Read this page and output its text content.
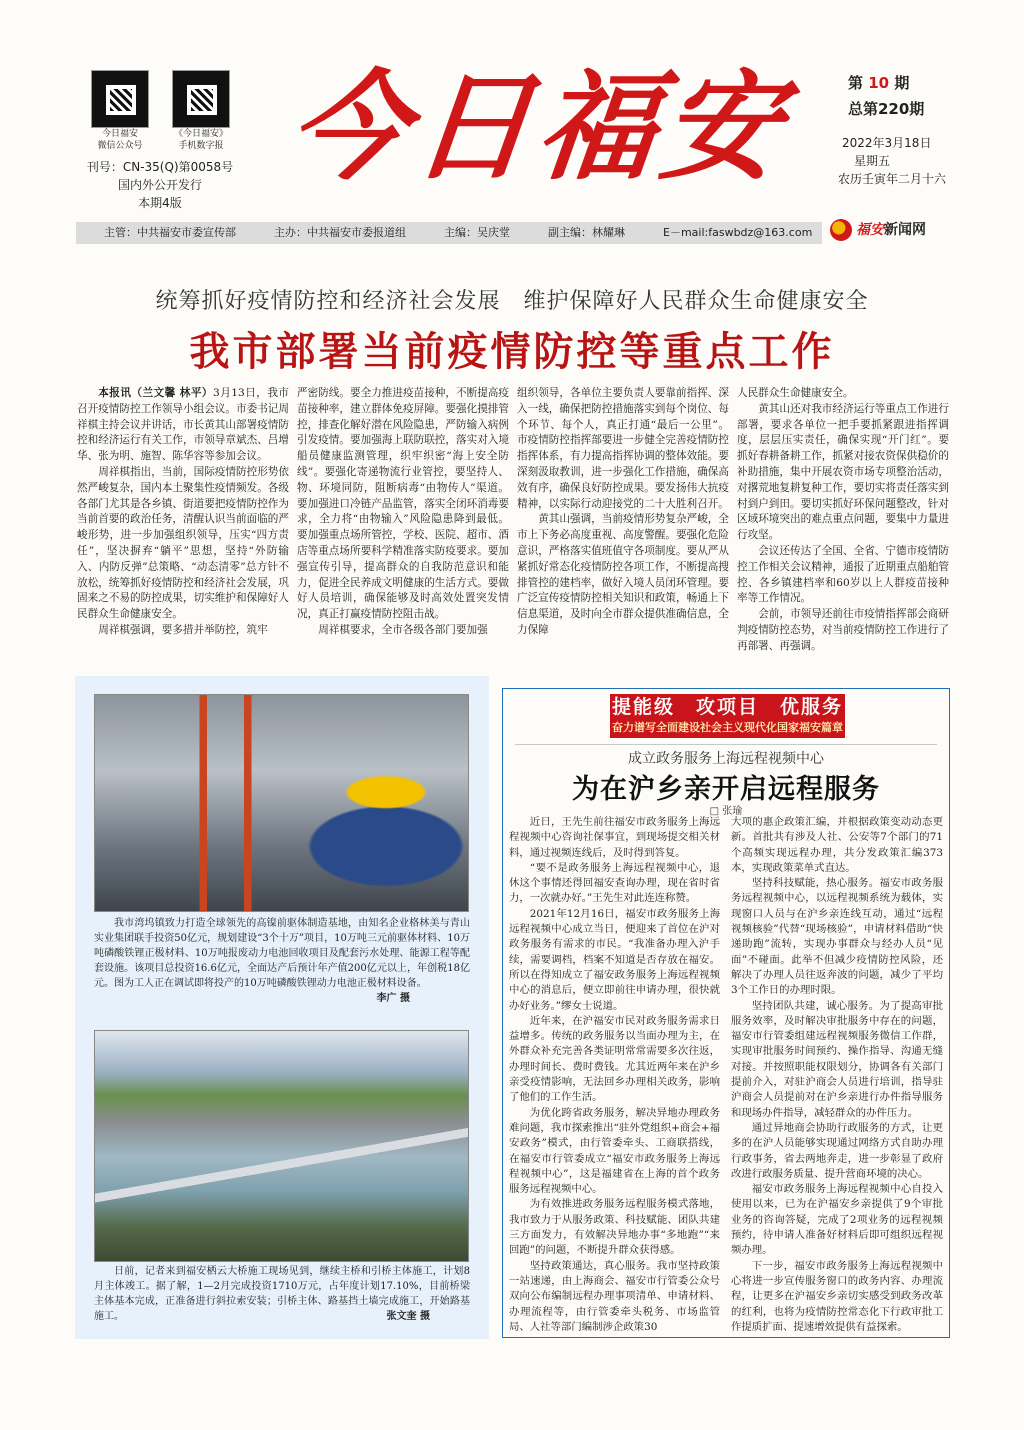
今日福安
微信公众号
《今日福安》
手机数字报
刊号：CN-35(Q)第0058号
国内外公开发行
本期4版
今日福安	第 10 期
总第220期
2022年3月18日
星期五
农历壬寅年二月十六
主管：中共福安市委宣传部	主办：中共福安市委报道组	主编：吴庆堂	副主编：林耀琳	E－mail:faswbdz@163.com	福安新闻网
统筹抓好疫情防控和经济社会发展　维护保障好人民群众生命健康安全
我市部署当前疫情防控等重点工作

本报讯（兰文馨 林平）3月13日，我市召开疫情防控工作领导小组会议。市委书记周祥棋主持会议并讲话，市长黄其山部署疫情防控和经济运行有关工作，市领导章斌杰、吕增华、张为明、施智、陈华容等参加会议。

周祥棋指出，当前，国际疫情防控形势依然严峻复杂，国内本土聚集性疫情频发。各级各部门尤其是各乡镇、街道要把疫情防控作为当前首要的政治任务，清醒认识当前面临的严峻形势，进一步加强组织领导，压实“四方责任”，坚决摒弃“躺平”思想，坚持“外防输入、内防反弹”总策略、“动态清零”总方针不放松，统筹抓好疫情防控和经济社会发展，巩固来之不易的防控成果，切实维护和保障好人民群众生命健康安全。

周祥棋强调，要多措并举防控，筑牢

严密防线。要全力推进疫苗接种，不断提高疫苗接种率，建立群体免疫屏障。要强化摸排管控，排查化解好潜在风险隐患，严防输入病例引发疫情。要加强海上联防联控，落实对入境船员健康监测管理，织牢织密“海上安全防线”。要强化寄递物流行业管控，要坚持人、物、环境同防，阻断病毒“由物传人”渠道。要加强进口冷链产品监管，落实全闭环消毒要求，全力将“由物输入”风险隐患降到最低。要加强重点场所管控，学校、医院、超市、酒店等重点场所要科学精准落实防疫要求。要加强宣传引导，提高群众的自我防范意识和能力，促进全民养成文明健康的生活方式。要做好人员培训，确保能够及时高效处置突发情况，真正打赢疫情防控阻击战。

周祥棋要求，全市各级各部门要加强

组织领导，各单位主要负责人要靠前指挥、深入一线，确保把防控措施落实到每个岗位、每个环节、每个人，真正打通“最后一公里”。市疫情防控指挥部要进一步健全完善疫情防控指挥体系，有力提高指挥协调的整体效能。要深刻汲取教训，进一步强化工作措施，确保高效有序，确保良好防控成果。要发扬伟大抗疫精神，以实际行动迎接党的二十大胜利召开。

黄其山强调，当前疫情形势复杂严峻，全市上下务必高度重视、高度警醒。要强化危险意识，严格落实值班值守各项制度。要从严从紧抓好常态化疫情防控各项工作，不断提高搜排管控的建档率，做好入境人员闭环管理。要广泛宣传疫情防控相关知识和政策，畅通上下信息渠道，及时向全市群众提供准确信息，全力保障

人民群众生命健康安全。

黄其山还对我市经济运行等重点工作进行部署，要求各单位一把手要抓紧跟进指挥调度，层层压实责任，确保实现“开门红”。要抓好春耕备耕工作，抓紧对接农资保供稳价的补助措施，集中开展农资市场专项整治活动，对撂荒地复耕复种工作，要切实将责任落实到村到户到田。要切实抓好环保问题整改，针对区域环境突出的难点重点问题，要集中力量进行攻坚。

会议还传达了全国、全省、宁德市疫情防控工作相关会议精神，通报了近期重点船舶管控、各乡镇建档率和60岁以上人群疫苗接种率等工作情况。

会前，市领导还前往市疫情指挥部会商研判疫情防控态势，对当前疫情防控工作进行了再部署、再强调。

我市湾坞镇致力打造全球领先的高镍前驱体制造基地，由知名企业格林美与青山实业集团联手投资50亿元，规划建设“3个十万”项目，10万吨三元前驱体材料、10万吨磷酸铁锂正极材料、10万吨报废动力电池回收项目及配套污水处理、能源工程等配套设施。该项目总投资16.6亿元，全面达产后预计年产值200亿元以上，年创税18亿元。图为工人正在调试即将投产的10万吨磷酸铁锂动力电池正极材料设备。

李广 摄

日前，记者来到福安栖云大桥施工现场见到，继续主桥和引桥主体施工，计划8月主体竣工。据了解，1—2月完成投资1710万元，占年度计划17.10%，目前桥梁主体基本完成，正准备进行斜拉索安装；引桥主体、路基挡土墙完成施工，开始路基施工。	张文奎 摄
提能级　攻项目　优服务
奋力谱写全面建设社会主义现代化国家福安篇章
成立政务服务上海远程视频中心
为在沪乡亲开启远程服务
□ 张瑜

近日，王先生前往福安市政务服务上海远程视频中心咨询社保事宜，到现场提交相关材料，通过视频连线后，及时得到答复。

“要不是政务服务上海远程视频中心，退休这个事情还得回福安查询办理，现在省时省力，一次就办好。”王先生对此连连称赞。

2021年12月16日，福安市政务服务上海远程视频中心成立当日，便迎来了首位在沪对政务服务有需求的市民。“我准备办理入沪手续，需要调档，档案不知道是否存放在福安。所以在得知成立了福安政务服务上海远程视频中心的消息后，便立即前往申请办理，很快就办好业务。”缪女士说道。

近年来，在沪福安市民对政务服务需求日益增多。传统的政务服务以当面办理为主，在外群众补充完善各类证明常常需要多次往返，办理时间长、费时费钱。尤其近两年来在沪乡亲受疫情影响，无法回乡办理相关政务，影响了他们的工作生活。

为优化跨省政务服务，解决异地办理政务难问题，我市探索推出“驻外党组织+商会+福安政务”模式，由行管委牵头、工商联搭线，在福安市行管委成立“福安市政务服务上海远程视频中心”，这是福建省在上海的首个政务服务远程视频中心。

为有效推进政务服务远程服务模式落地，我市致力于从服务政策、科技赋能、团队共建三方面发力，有效解决异地办事“多地跑”“来回跑”的问题，不断提升群众获得感。

坚持政策通达，真心服务。我市坚持政策一站速递，由上海商会、福安市行管委公众号双向公布编制远程办理事项清单、申请材料、办理流程等，由行管委牵头税务、市场监管局、人社等部门编制涉企政策30

大项的惠企政策汇编，并根据政策变动动态更新。首批共有涉及人社、公安等7个部门的71个高频实现远程办理，共分发政策汇编373本，实现政策菜单式直达。

坚持科技赋能，热心服务。福安市政务服务远程视频中心，以远程视频系统为载体，实现窗口人员与在沪乡亲连线互动，通过“远程视频核验”代替“现场核验”，申请材料借助“快递助跑”流转，实现办事群众与经办人员“见面”不碰面。此举不但减少疫情防控风险，还解决了办理人员往返奔波的问题，减少了平均3个工作日的办理时限。

坚持团队共建，诚心服务。为了提高审批服务效率，及时解决审批服务中存在的问题，福安市行管委组建远程视频服务微信工作群，实现审批服务时间预约、操作指导、沟通无缝对接。并按照职能权限划分，协调各有关部门提前介入，对驻沪商会人员进行培训，指导驻沪商会人员提前对在沪乡亲进行办件指导服务和现场办件指导，减轻群众的办件压力。

通过异地商会协助行政服务的方式，让更多的在沪人员能够实现通过网络方式自助办理行政事务，省去两地奔走，进一步彰显了政府改进行政服务质量、提升营商环境的决心。

福安市政务服务上海远程视频中心自投入使用以来，已为在沪福安乡亲提供了9个审批业务的咨询答疑，完成了2项业务的远程视频预约，待申请人准备好材料后即可组织远程视频办理。

下一步，福安市政务服务上海远程视频中心将进一步宣传服务窗口的政务内容、办理流程，让更多在沪福安乡亲切实感受到政务改革的红利，也将为疫情防控常态化下行政审批工作提质扩面、提速增效提供有益探索。
